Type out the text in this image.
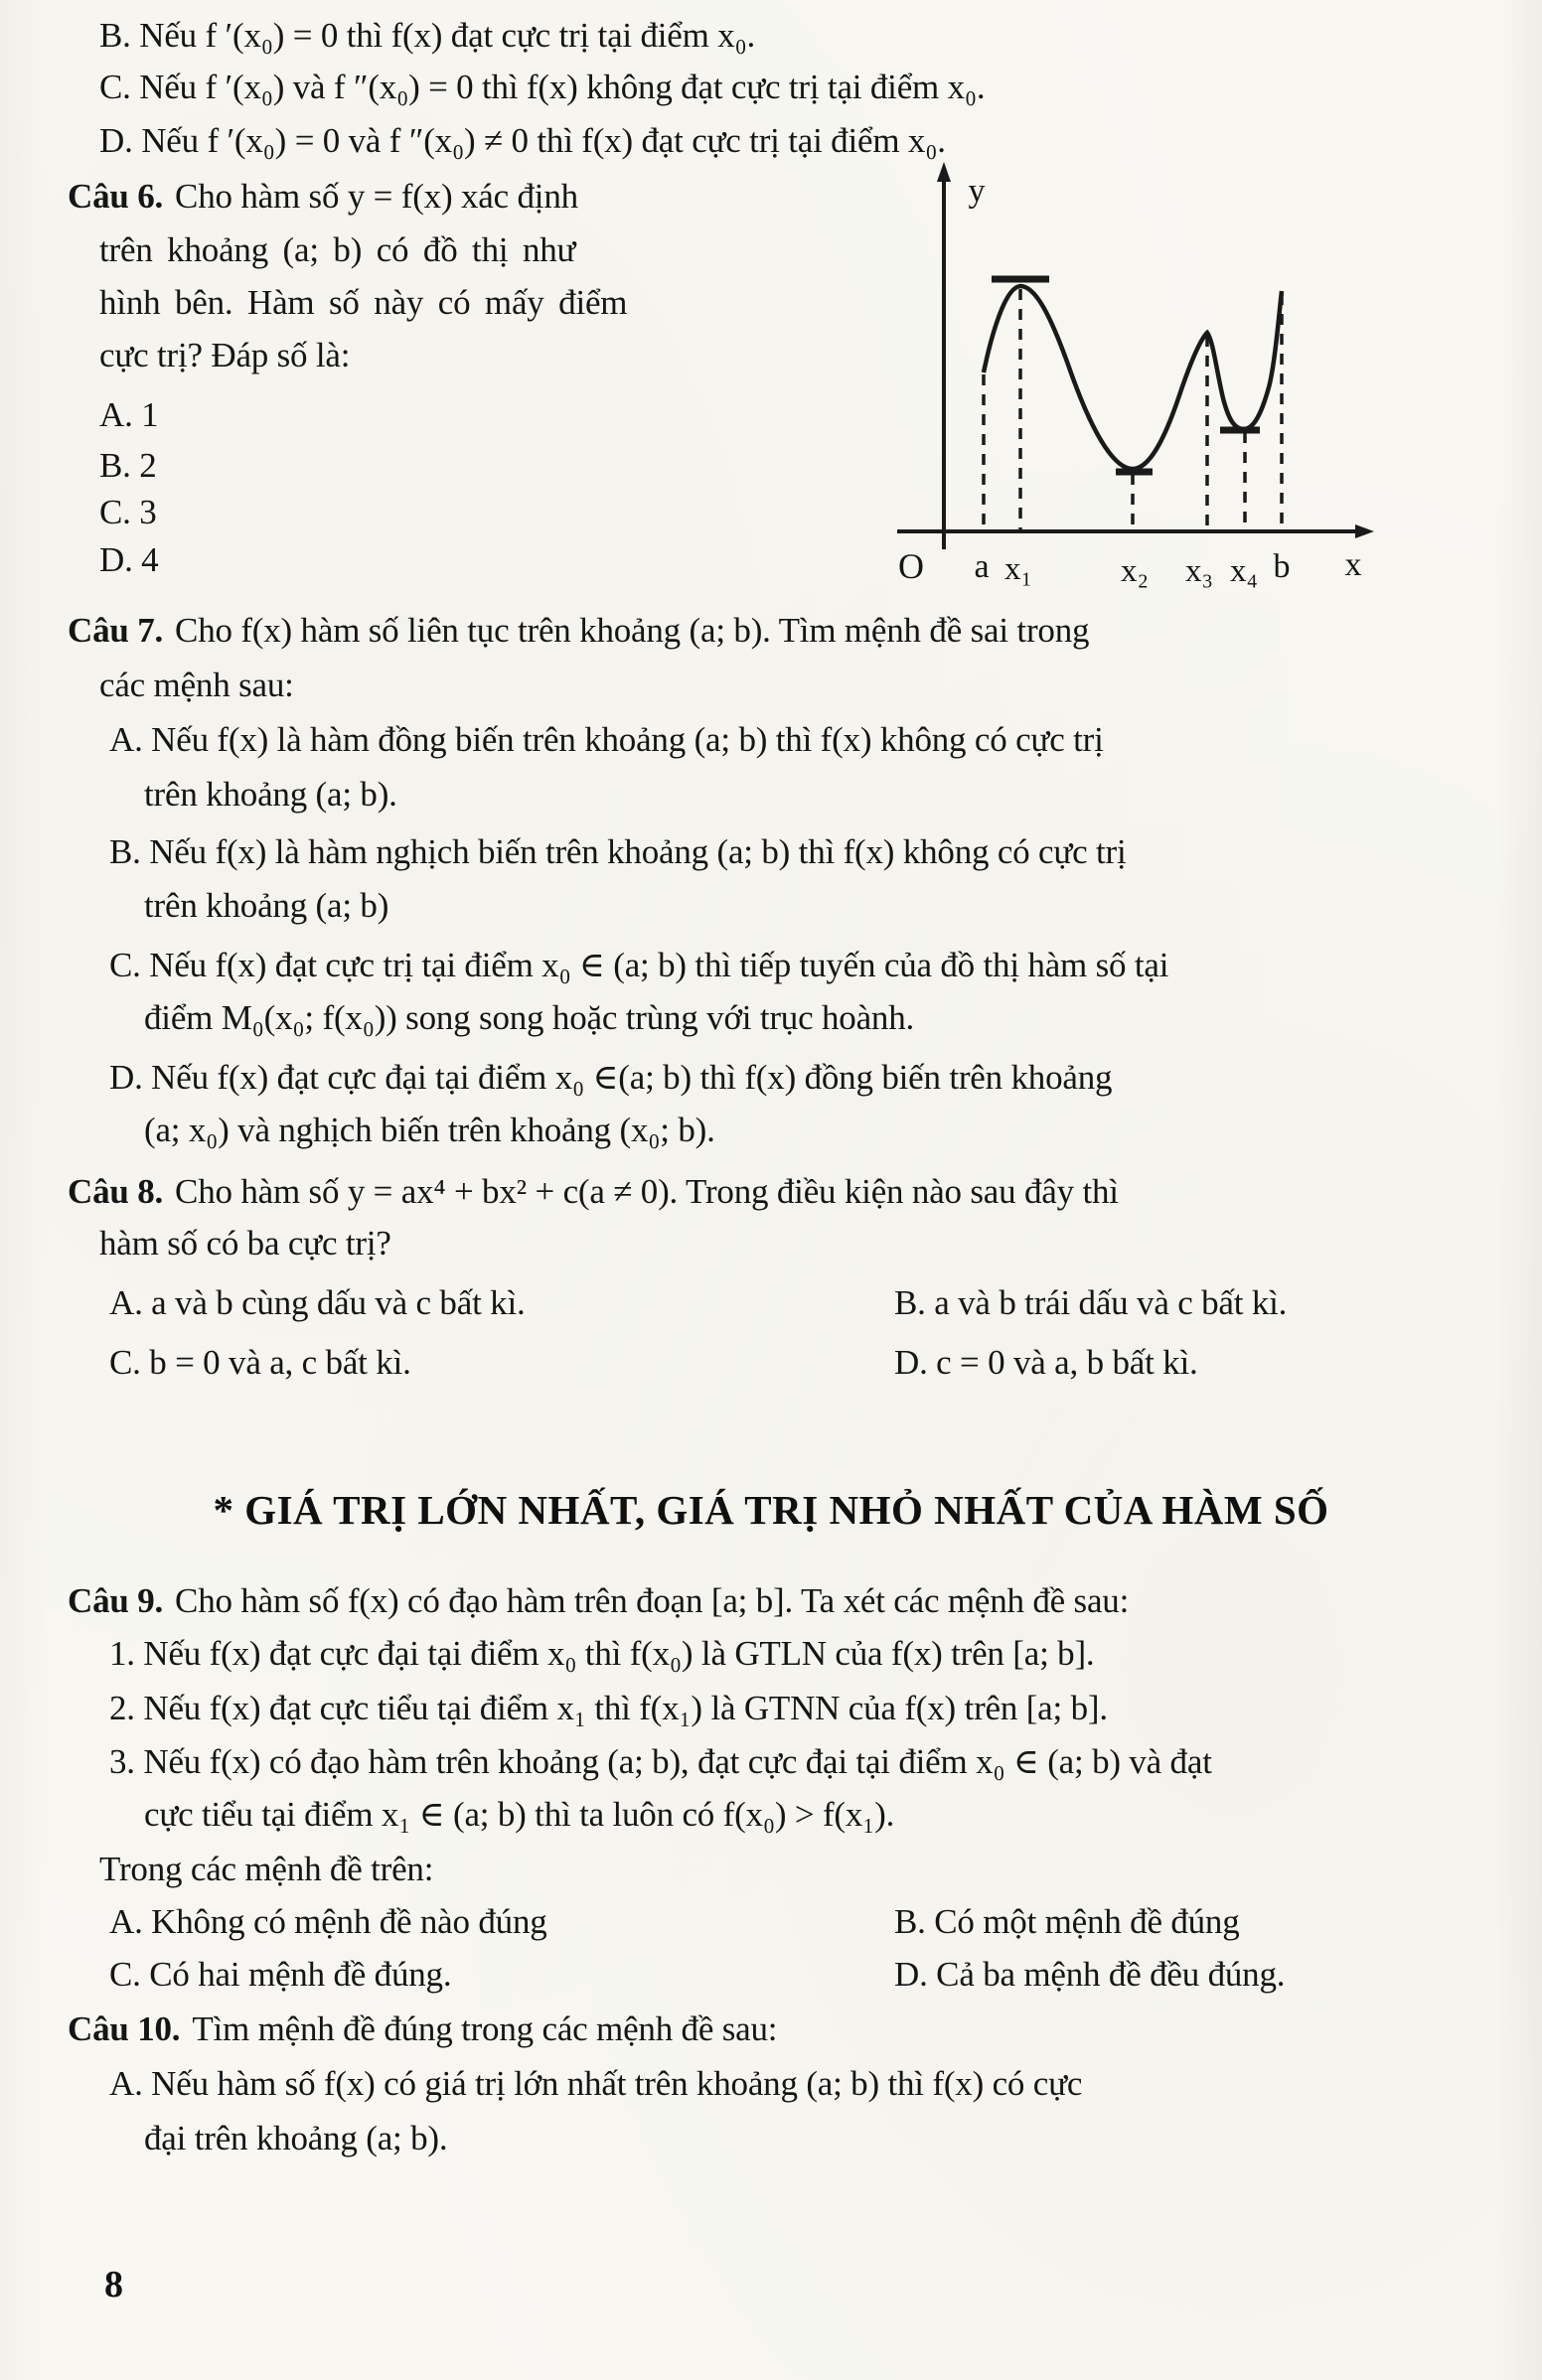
B. Nếu f ′(x₀) = 0 thì f(x) đạt cực trị tại điểm x₀.
C. Nếu f ′(x₀) và f ″(x₀) = 0 thì f(x) không đạt cực trị tại điểm x₀.
D. Nếu f ′(x₀) = 0 và f ″(x₀) ≠ 0 thì f(x) đạt cực trị tại điểm x₀.
Câu 6. Cho hàm số y = f(x) xác định
trên khoảng (a; b) có đồ thị như
hình bên. Hàm số này có mấy điểm
cực trị? Đáp số là:
A. 1
B. 2
C. 3
D. 4
y
O a x₁	x₂ x₃ x₄ b x
Câu 7. Cho f(x) hàm số liên tục trên khoảng (a; b). Tìm mệnh đề sai trong
các mệnh sau:
A. Nếu f(x) là hàm đồng biến trên khoảng (a; b) thì f(x) không có cực trị
trên khoảng (a; b).
B. Nếu f(x) là hàm nghịch biến trên khoảng (a; b) thì f(x) không có cực trị
trên khoảng (a; b)
C. Nếu f(x) đạt cực trị tại điểm x₀ ∈ (a; b) thì tiếp tuyến của đồ thị hàm số tại
điểm M₀(x₀; f(x₀)) song song hoặc trùng với trục hoành.
D. Nếu f(x) đạt cực đại tại điểm x₀ ∈(a; b) thì f(x) đồng biến trên khoảng
(a; x₀) và nghịch biến trên khoảng (x₀; b).
Câu 8. Cho hàm số y = ax⁴ + bx² + c(a ≠ 0). Trong điều kiện nào sau đây thì
hàm số có ba cực trị?
A. a và b cùng dấu và c bất kì.	B. a và b trái dấu và c bất kì.
C. b = 0 và a, c bất kì.	D. c = 0 và a, b bất kì.
* GIÁ TRỊ LỚN NHẤT, GIÁ TRỊ NHỎ NHẤT CỦA HÀM SỐ
Câu 9. Cho hàm số f(x) có đạo hàm trên đoạn [a; b]. Ta xét các mệnh đề sau:
1. Nếu f(x) đạt cực đại tại điểm x₀ thì f(x₀) là GTLN của f(x) trên [a; b].
2. Nếu f(x) đạt cực tiểu tại điểm x₁ thì f(x₁) là GTNN của f(x) trên [a; b].
3. Nếu f(x) có đạo hàm trên khoảng (a; b), đạt cực đại tại điểm x₀ ∈ (a; b) và đạt
cực tiểu tại điểm x₁ ∈ (a; b) thì ta luôn có f(x₀) > f(x₁).
Trong các mệnh đề trên:
A. Không có mệnh đề nào đúng	B. Có một mệnh đề đúng
C. Có hai mệnh đề đúng.	D. Cả ba mệnh đề đều đúng.
Câu 10. Tìm mệnh đề đúng trong các mệnh đề sau:
A. Nếu hàm số f(x) có giá trị lớn nhất trên khoảng (a; b) thì f(x) có cực
đại trên khoảng (a; b).
8
